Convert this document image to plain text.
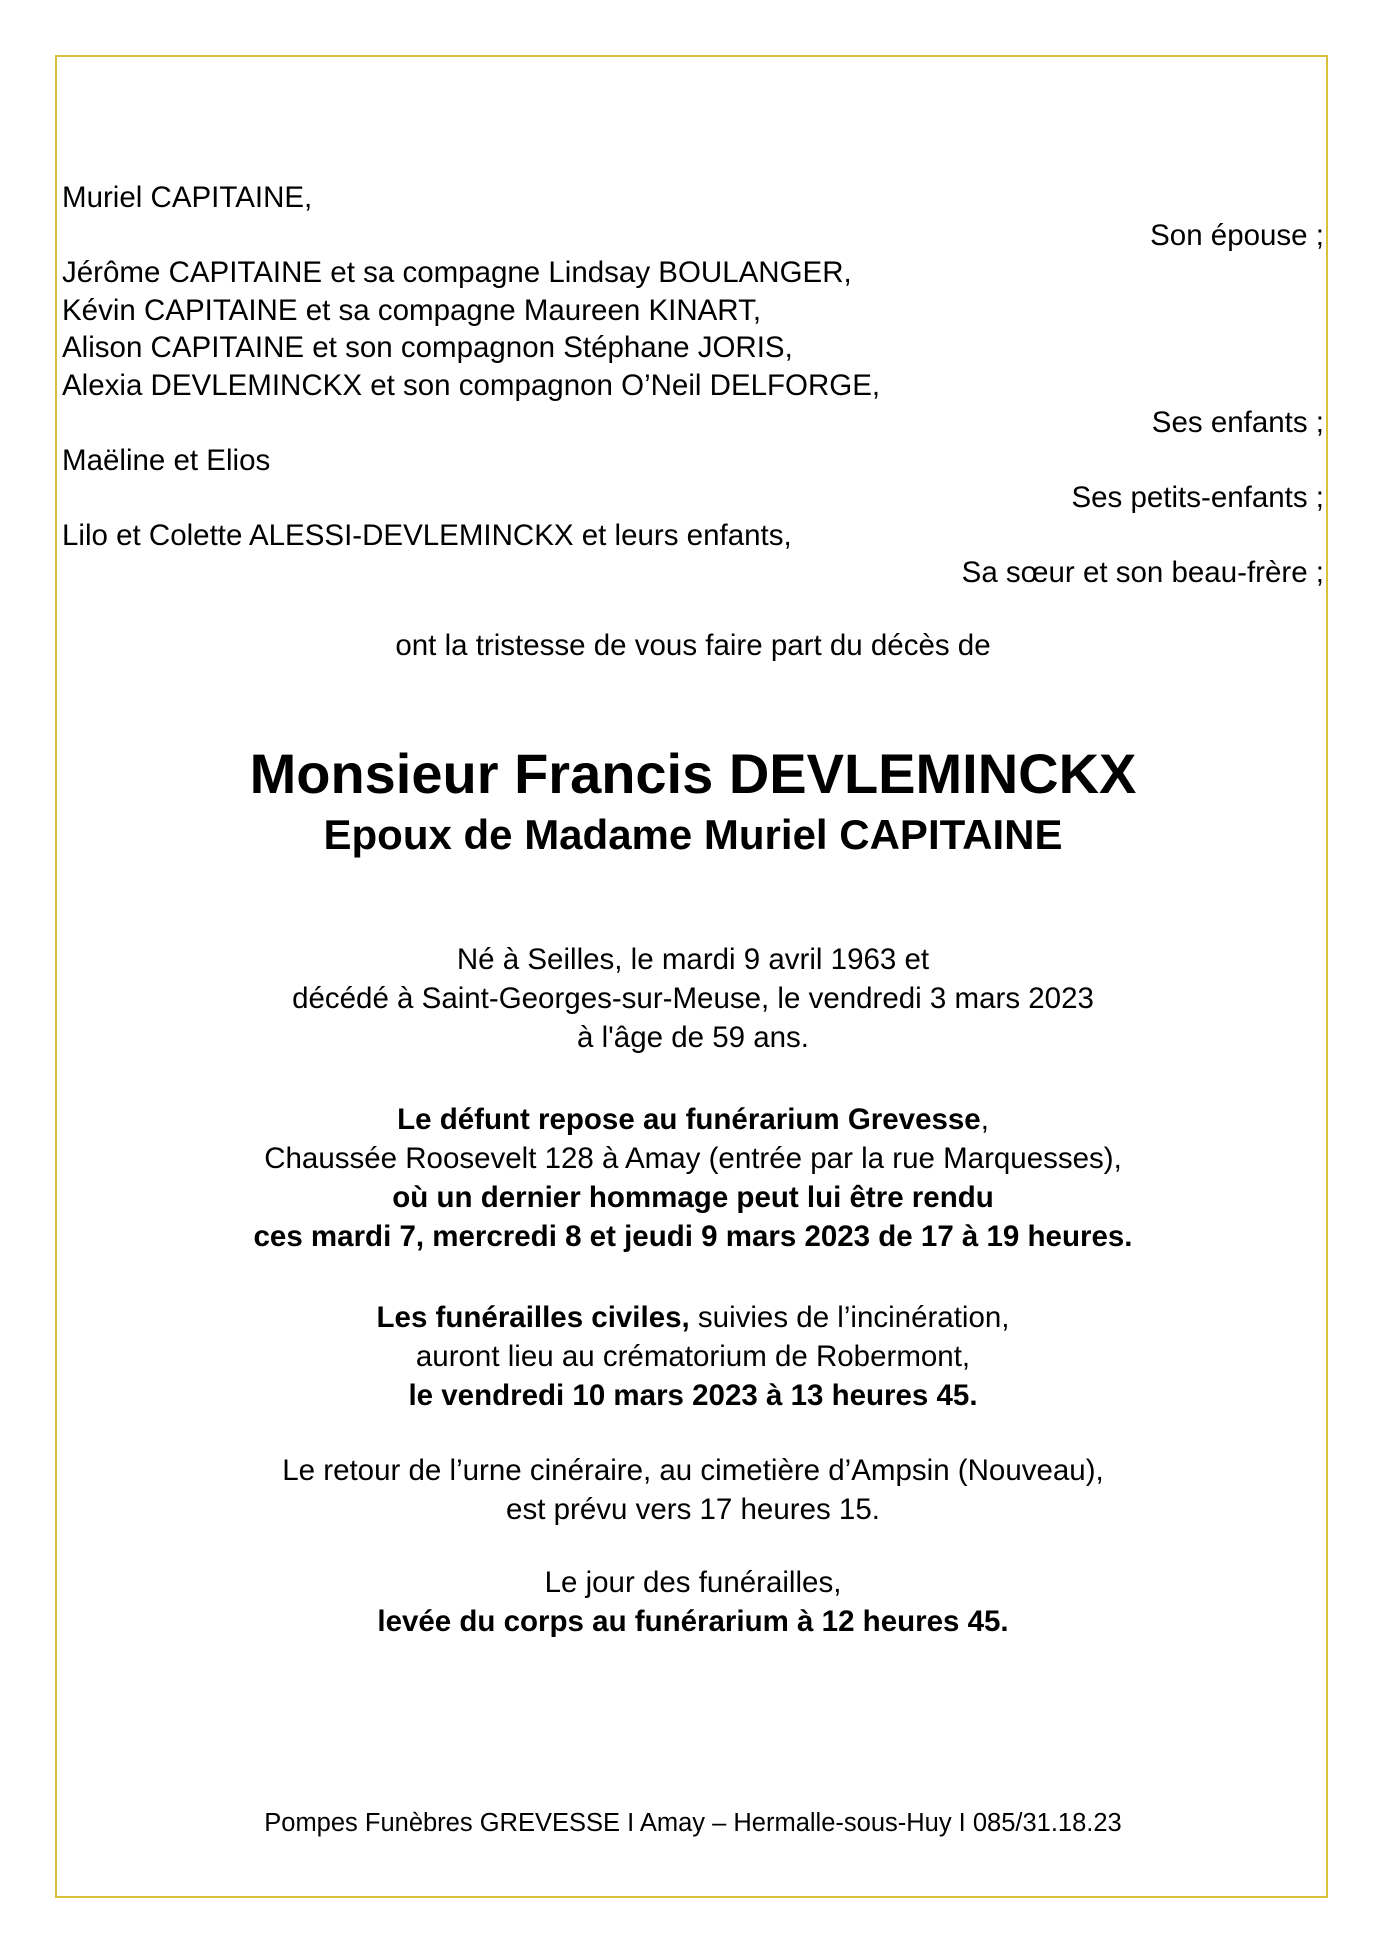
Muriel CAPITAINE,
Son épouse ;
Jérôme CAPITAINE et sa compagne Lindsay BOULANGER,
Kévin CAPITAINE et sa compagne Maureen KINART,
Alison CAPITAINE et son compagnon Stéphane JORIS,
Alexia DEVLEMINCKX et son compagnon O’Neil DELFORGE,
Ses enfants ;
Maëline et Elios
Ses petits-enfants ;
Lilo et Colette ALESSI-DEVLEMINCKX et leurs enfants,
Sa sœur et son beau-frère ;
ont la tristesse de vous faire part du décès de
Monsieur Francis DEVLEMINCKX
Epoux de Madame Muriel CAPITAINE
Né à Seilles, le mardi 9 avril 1963 et
décédé à Saint-Georges-sur-Meuse, le vendredi 3 mars 2023
à l'âge de 59 ans.
Le défunt repose au funérarium Grevesse,
Chaussée Roosevelt 128 à Amay (entrée par la rue Marquesses),
où un dernier hommage peut lui être rendu
ces mardi 7, mercredi 8 et jeudi 9 mars 2023 de 17 à 19 heures.
Les funérailles civiles, suivies de l’incinération,
auront lieu au crématorium de Robermont,
le vendredi 10 mars 2023 à 13 heures 45.
Le retour de l’urne cinéraire, au cimetière d’Ampsin (Nouveau),
est prévu vers 17 heures 15.
Le jour des funérailles,
levée du corps au funérarium à 12 heures 45.
Pompes Funèbres GREVESSE I Amay – Hermalle-sous-Huy I 085/31.18.23
